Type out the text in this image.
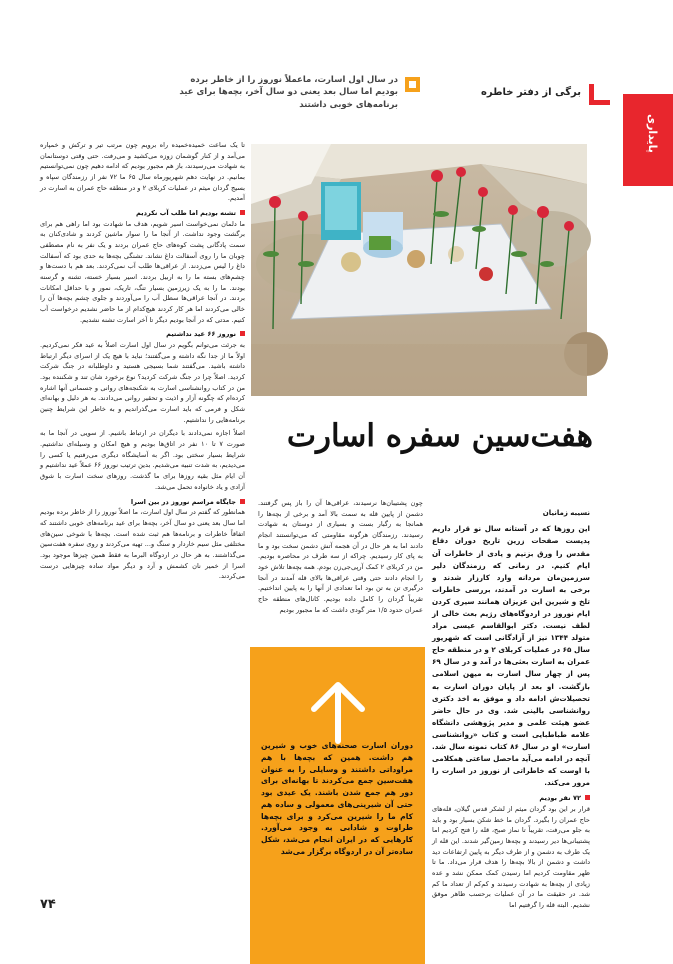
پایداری
برگی از دفتر خاطره
در سال اول اسارت، ماعملاً نوروز را از خاطر برده بودیم اما سال بعد یعنی دو سال آخر، بچه‌ها برای عید برنامه‌های خوبی داشتند
هفت‌سین سفره اسارت

نسیبه زمانیان

این روزها که در آستانه سال نو قرار داریم پدیست صفحات زرین تاریخ دوران دفاع مقدس را ورق بزنیم و یادی از خاطرات آن ایام کنیم. در زمانی که رزمندگان دلیر سرزمین‌مان مردانه وارد کارزار شدند و برخی به اسارت در آمدند، بررسی خاطرات تلخ و شیرین این عزیزان همانند سیری کردن ایام نوروز در اردوگاه‌های رژیم بعث خالی از لطف نیست. دکتر ابوالقاسم عیسی مراد متولد ۱۳۴۴ نیز از آزادگانی است که شهریور سال ۶۵ در عملیات کربلای ۲ و در منطقه حاج عمران به اسارت بعثی‌ها در آمد و در سال ۶۹ پس از چهار سال اسارت به میهن اسلامی بازگشت. او بعد از پایان دوران اسارت به تحصیلات‌ش ادامه داد و موفق به اخذ دکتری روانشناسی بالینی شد. وی در حال حاضر عضو هیئت علمی و مدیر پژوهشی دانشگاه علامه طباطبایی است و کتاب «روانشناسی اسارت» او در سال ۸۶ کتاب نمونه سال شد. آنچه در ادامه می‌آید ماحصل ساعتی همکلامی با اوست که خاطراتی از نوروز در اسارت را مرور می‌کند.

۷۲ نفر بودیم

قرار بر این بود گردان میثم از لشکر قدس گیلان، قله‌های حاج عمران را بگیرد. گردان ما خط شکن بسیار بود و باید به جلو می‌رفت، تقریباً تا نماز صبح، قله را فتح کردیم اما پشتیبانی‌ها دیر رسیدند و بچه‌ها زمین‌گیر شدند. این قله از یک طرف به دشمن و از طرف دیگر به پایین ارتفاعات دید داشت و دشمن از بالا بچه‌ها را هدف قرار می‌داد. ما تا ظهر مقاومت کردیم اما رسیدن کمک ممکن نشد و عده زیادی از بچه‌ها به شهادت رسیدند و کم‌کم از تعداد ما کم شد. در حقیقت ما در آن عملیات برحسب ظاهر موفق نشدیم. البته قله را گرفتیم اما

چون پشتیبان‌ها نرسیدند، عراقی‌ها آن را باز پس گرفتند. دشمن از پایین قله به سمت بالا آمد و برخی از بچه‌ها را همانجا به رگبار بست و بسیاری از دوستان به شهادت رسیدند. رزمندگان هرگونه مقاومتی که می‌توانستند انجام دادند اما به هر حال در آن هجمه آتش دشمن سخت بود و ما به پای کار رسیدیم. چراکه از سه طرف در محاصره بودیم. من در کربلای ۲ کمک آرپی‌جی‌زن بودم. همه بچه‌ها تلاش خود را انجام دادند حتی وقتی عراقی‌ها بالای قله آمدند در آنجا درگیری تن به تن بود اما تعدادی از آنها را به پایین انداختیم. تقریباً گردان را کامل داده بودیم. کانال‌های منطقه حاج عمران حدود ۱/۵ متر گودی داشت که ما مجبور بودیم

دوران اسارت صحنه‌های خوب و شیرین هم داشت. همین که بچه‌ها با هم مراوداتی داشتند و وسایلی را به عنوان هفت‌سین جمع می‌کردند تا بهانه‌ای برای دور هم جمع شدن باشند. یک عیدی بود حتی آن شیرینی‌های معمولی و ساده هم کام ما را شیرین می‌کرد و برای بچه‌ها طراوت و شادابی به وجود می‌آورد. کارهایی که در ایران انجام می‌شد، شکل ساده‌تر آن در اردوگاه برگزار می‌شد

تا یک ساعت خمیده‌خمیده راه برویم چون مرتب تیر و ترکش و خمپاره می‌آمد و از کنار گوشمان زوزه می‌کشید و می‌رفت. حتی وقتی دوستانمان به شهادت می‌رسیدند، باز هم مجبور بودیم که ادامه دهیم چون نمی‌توانستیم بمانیم. در نهایت دهم شهریورماه سال ۶۵ ما ۷۲ نفر از رزمندگان سپاه و بسیج گردان میثم در عملیات کربلای ۲ و در منطقه حاج عمران به اسارت در آمدیم.

تشنه بودیم اما طلب آب نکردیم

ما دلمان نمی‌خواست اسیر شویم، هدف ما شهادت بود اما راهی هم برای برگشت وجود نداشت. از آنجا ما را سوار ماشین کردند و شادی‌کنان به سمت پادگانی پشت کوه‌های حاج عمران بردند و یک نفر به نام مصطفی چوبان ما را روی آسفالت داغ نشاند. تشنگی بچه‌ها به حدی بود که آسفالت داغ را لیس می‌زدند. از عراقی‌ها طلب آب نمی‌کردند. بعد هم با دست‌ها و چشم‌های بسته ما را به اربیل بردند. اسیر بسیار خسته، تشنه و گرسنه بودند. ما را به یک زیرزمین بسیار تنگ، تاریک، نمور و با حداقل امکانات بردند. در آنجا عراقی‌ها سطل آب را می‌آوردند و جلوی چشم بچه‌ها آن را خالی می‌کردند اما هر کار کردند هیچ‌کدام از ما حاضر نشدیم درخواست آب کنیم. مدتی که در آنجا بودیم دیگر تا آخر اسارت تشنه نشدیم.

نوروز ۶۶ عید نداشتیم

به جرئت می‌توانم بگویم در سال اول اسارت اصلاً به عید فکر نمی‌کردیم. اولاً ما از جدا نگه داشته و می‌گفتند؛ نباید با هیچ یک از اسرای دیگر ارتباط داشته باشید. می‌گفتند شما بسیجی هستید و داوطلبانه در جنگ شرکت کردید. اصلاً چرا در جنگ شرکت کردید؟ نوع برخورد شان تند و شکننده بود. من در کتاب روانشناسی اسارت به شکنجه‌های روانی و جسمانی آنها اشاره کرده‌ام که چگونه آزار و اذیت و تحقیر روانی می‌دادند. به هر دلیل و بهانه‌ای شکل و فرمی که باید اسارت می‌گذراندیم و به خاطر این شرایط چنین برنامه‌هایی را نداشتیم.

اصلاً اجازه نمی‌دادند با دیگران در ارتباط باشیم. از سویی در آنجا ما به صورت ۷ تا ۱۰ نفر در اتاق‌ها بودیم و هیچ امکان و وسیله‌ای نداشتیم. شرایط بسیار سختی بود. اگر به آسایشگاه دیگری می‌رفتیم یا کسی را می‌دیدیم، به شدت تنبیه می‌شدیم. بدین ترتیب نوروز ۶۶ عملاً عید نداشتیم و آن ایام مثل بقیه روزها برای ما گذشت. روزهای سخت اسارت با شوق آزادی و یاد خانواده تحمل می‌شد.

جایگاه مراسم نوروز در بین اسرا

همانطور که گفتم در سال اول اسارت، ما اصلاً نوروز را از خاطر برده بودیم اما سال بعد یعنی دو سال آخر، بچه‌ها برای عید برنامه‌های خوبی داشتند که اتفاقاً خاطرات و برنامه‌ها هم ثبت شده است. بچه‌ها با شوخی سین‌های مختلفی مثل سیم خاردار و سنگ و... تهیه می‌کردند و روی سفره هفت‌سین می‌گذاشتند. به هر حال در اردوگاه البرما به فقط همین چیزها موجود بود. اسرا از خمیر نان کشمش و آرد و دیگر مواد ساده چیزهایی درست می‌کردند.

۷۴
